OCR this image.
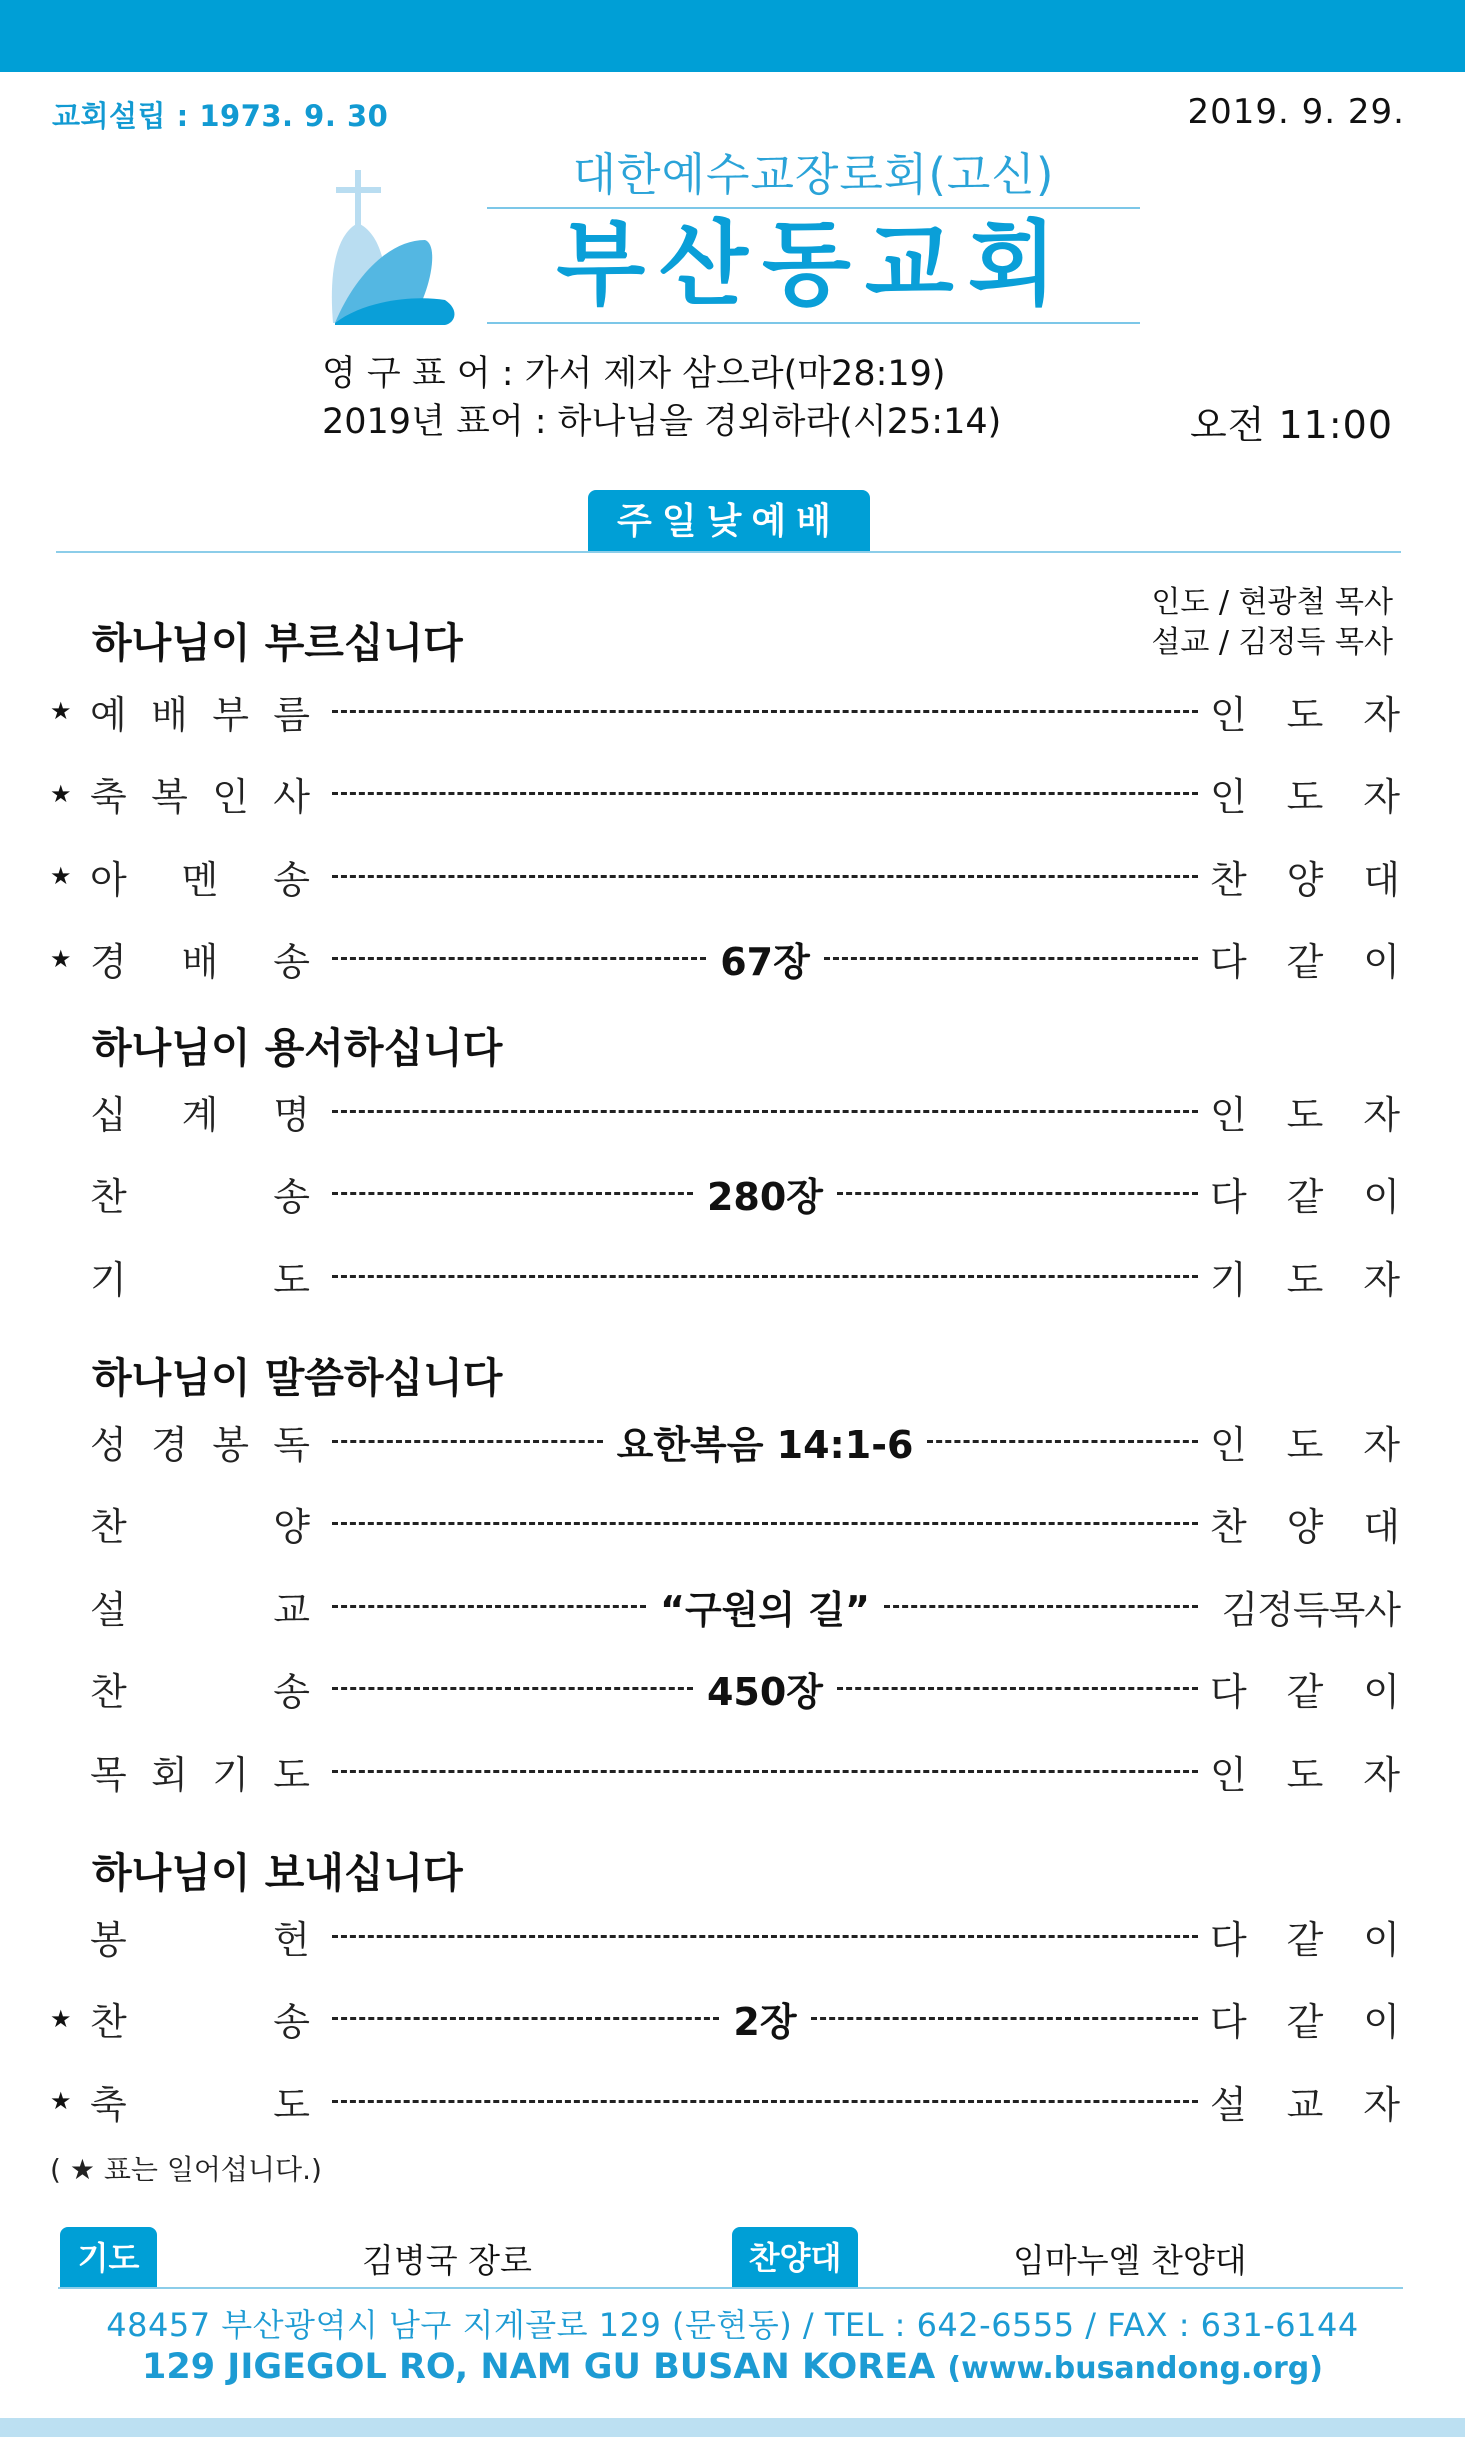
교회설립 : 1973. 9. 30	2019. 9. 29.
대한예수교장로회(고신)
부산동교회
영 구 표 어 : 가서 제자 삼으라(마28:19)
2019년 표어 : 하나님을 경외하라(시25:14)	오전 11:00
주일낮예배
인도 / 현광철 목사
설교 / 김정득 목사
하나님이 부르십니다
★ 예 배 부 름	인 도 자
★ 축 복 인 사	인 도 자
★ 아 멘 송	찬 양 대
★ 경 배 송	67장	다 같 이
하나님이 용서하십니다
십 계 명	인 도 자
찬	송	280장	다 같 이
기	도	기 도 자
하나님이 말씀하십니다
성 경 봉 독	요한복음 14:1-6	인 도 자
찬	양	찬 양 대
설	교	“구원의 길”	김정득목사
찬	송	450장	다 같 이
목 회 기 도	인 도 자
하나님이 보내십니다
봉	헌	다 같 이
★ 찬	송	2장	다 같 이
★ 축	도	설 교 자
( ★ 표는 일어섭니다.)
기도	김병국 장로	찬양대	임마누엘 찬양대
48457 부산광역시 남구 지게골로 129 (문현동) / TEL : 642-6555 / FAX : 631-6144
129 JIGEGOL RO, NAM GU BUSAN KOREA (www.busandong.org)
